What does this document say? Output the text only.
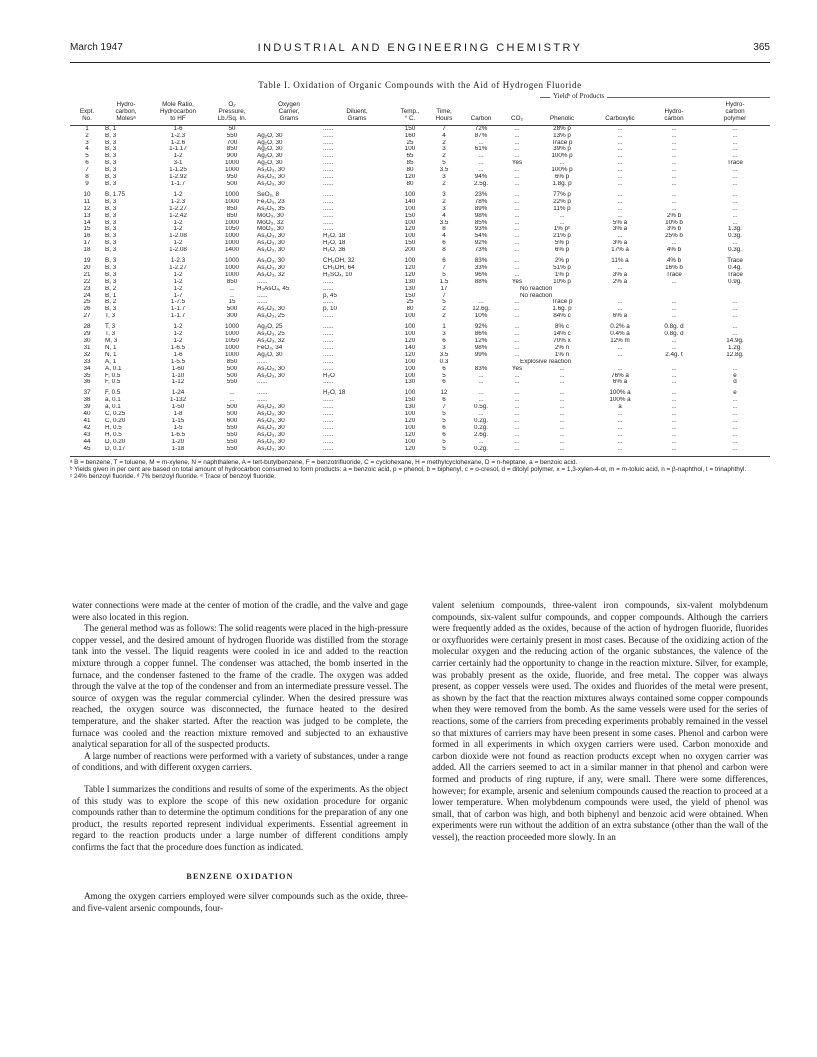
March 1947	INDUSTRIAL AND ENGINEERING CHEMISTRY	365
Table I. Oxidation of Organic Compounds with the Aid of Hydrogen Fluoride
Yieldᵇ of Products
Expt.
No.	Hydro-
carbon,
Molesᵃ	Mole Ratio,
Hydrocarbon
to HF	O₂
Pressure,
Lb./Sq. In.	Oxygen
Carrier,
Grams	Diluent,
Grams	Temp.,
° C.	Time,
Hours	Carbon	CO₂	Phenolic	Carboxylic	Hydro-
carbon	Hydro-
carbon
polymer
1	B, 1	1-6	50		......	150	7	72%	...	28% p	...	...	...
2	B, 3	1-2.3	550	Ag₂O, 30	......	160	4	87%	...	13% p	...	...	...
3	B, 3	1-2.6	700	Ag₂O, 30	......	25	2	...	...	Trace p	...	...	...
4	B, 3	1-1.17	850	Ag₂O, 30	......	100	3	61%	...	39% p	...	...	...
5	B, 3	1-2	900	Ag₂O, 30	......	65	2	...	...	100% p	...	...	...
6	B, 3	3-1	1000	Ag₂O, 30	......	85	5	...	Yes	...	...	...	Trace
7	B, 3	1-1.25	1000	As₂O₃, 30	......	80	3.5	...	...	100% p	...	...	...
8	B, 3	1-2.92	950	As₂O₃, 30	......	120	3	94%	...	6% p	...	...	...
9	B, 3	1-1.7	500	As₂O₃, 30	......	80	2	2.5g.	...	1.8g. p	...	...	...
10	B, 1.75	1-2	1000	SeO₂, 8	......	100	3	23%	...	77% p	...	...	...
11	B, 3	1-2.3	1000	Fe₂O₃, 23	......	140	2	78%	...	22% p	...	...	...
12	B, 3	1-2.27	850	As₂O₅, 35	......	100	3	89%	...	11% p	...	...	...
13	B, 3	1-2.42	850	MoO₃, 30	......	150	4	98%	...	...	...	2% b	...
14	B, 3	1-2	1000	MoO₃, 32	......	100	3.5	85%	...	...	5% a	10% b	...
15	B, 3	1-2	1050	MoO₃, 30	......	120	8	93%	...	1% pᶜ	3% a	3% b	1.3g.
16	B, 3	1-2.08	1000	As₂O₃, 30	H₂O, 18	100	4	54%	...	21% p	...	25% b	0.3g.
17	B, 3	1-2	1000	As₂O₃, 30	H₂O, 18	150	6	92%	...	5% p	3% a	...	...
18	B, 3	1-2.08	1400	As₂O₃, 30	H₂O, 36	200	8	73%	...	6% p	17% a	4% b	0.3g.
19	B, 3	1-2.3	1000	As₂O₃, 30	CH₃OH, 32	100	6	83%	...	2% p	11% a	4% b	Trace
20	B, 3	1-2.27	1000	As₂O₃, 30	CH₃OH, 64	120	7	33%	...	51% p	...	16% b	0.4g.
21	B, 3	1-2	1000	As₂O₃, 32	H₂SO₄, 10	120	5	96%	...	1% p	3% a	Trace	Trace
22	B, 3	1-2	850	......	......	130	1.5	88%	Yes	10% p	2% a	...	0.9g.
23	B, 2	1-2	...	H₃AsO₄, 45	......	130	17	No reaction					
24	B, 1	1-7	...	......	p, 45	150	7	No reaction					
25	B, 2	1-7.5	15	......	......	25	5	...	...	Trace p	...	...	...
26	B, 3	1-1.7	500	As₂O₃, 30	p, 10	80	2	12.6g.	...	1.6g. p	...	...	...
27	T, 3	1-1.7	300	As₂O₃, 25	......	100	2	10%	...	84% c	6% a	...	...
28	T, 3	1-2	1000	Ag₂O, 25	......	100	1	92%	...	8% c	0.2% a	0.8g. d	...
29	T, 3	1-2	1000	As₂O₃, 25	......	100	3	86%	...	14% c	0.4% a	0.8g. d	...
30	M, 3	1-2	1050	As₂O₃, 32	......	120	6	12%	...	70% x	12% m	...	14.9g.
31	N, 1	1-6.5	1000	FeO₃, 34	......	140	3	98%	...	2% n	...	...	1.2g.
32	N, 1	1-6	1000	Ag₂O, 30	......	120	3.5	99%	...	1% n	...	2.4g. t	12.8g.
33	A, 1	1-5.5	850	......	......	100	0.3	Explosive reaction					
34	A, 0.1	1-60	500	As₂O₃, 30	......	100	6	83%	Yes	...	...	...	...
35	F, 0.5	1-10	500	As₂O₃, 30	H₂O	100	5	...	...	...	76% a	...	e
36	F, 0.5	1-12	550	......	......	130	6	...	...	...	6% a	...	d
37	F, 0.5	1-24	...	......	H₂O, 18	100	12	...	...	...	100% a	...	e
38	a, 0.1	1-132	...	......	......	150	6	...	...	...	100% a	...	...
39	a, 0.1	1-50	500	As₂O₃, 30	......	130	7	0.5g.	...	...	a	...	...
40	C, 0.25	1-8	500	As₂O₃, 30	......	100	5	...	...	...	...	...	...
41	C, 0.20	1-15	600	As₂O₃, 30	......	120	5	0.2g.	...	...	...	...	...
42	H, 0.5	1-5	550	As₂O₃, 30	......	100	6	0.2g.	...	...	...	...	...
43	H, 0.5	1-6.5	550	As₂O₃, 30	......	120	6	2.6g.	...	...	...	...	...
44	D, 0.20	1-20	550	As₂O₃, 30	......	100	5	...	...	...	...	...	...
45	D, 0.17	1-18	550	As₂O₃, 30	......	120	5	0.2g.	...	...	...	...	...
ᵃ B = benzene, T = toluene, M = m-xylene, N = naphthalene, A = tert-butylbenzene, F = benzotrifluoride, C = cyclohexane, H = methylcyclohexane, D = n-heptane, a = benzoic acid.
ᵇ Yields given in per cent are based on total amount of hydrocarbon consumed to form products: a = benzoic acid, p = phenol, b = biphenyl, c = o-cresol, d = ditolyl polymer, x = 1,3-xylen-4-ol, m = m-toluic acid, n = β-naphthol, t = trinaphthyl.
ᶜ 24% benzoyl fluoride. ᵈ 7% benzoyl fluoride. ᵉ Trace of benzoyl fluoride.

water connections were made at the center of motion of the cradle, and the valve and gage were also located in this region.

The general method was as follows: The solid reagents were placed in the high-pressure copper vessel, and the desired amount of hydrogen fluoride was distilled from the storage tank into the vessel. The liquid reagents were cooled in ice and added to the reaction mixture through a copper funnel. The condenser was attached, the bomb inserted in the furnace, and the condenser fastened to the frame of the cradle. The oxygen was added through the valve at the top of the condenser and from an intermediate pressure vessel. The source of oxygen was the regular commercial cylinder. When the desired pressure was reached, the oxygen source was disconnected, the furnace heated to the desired temperature, and the shaker started. After the reaction was judged to be complete, the furnace was cooled and the reaction mixture removed and subjected to an exhaustive analytical separation for all of the suspected products.

A large number of reactions were performed with a variety of substances, under a range of conditions, and with different oxygen carriers.

Table I summarizes the conditions and results of some of the experiments. As the object of this study was to explore the scope of this new oxidation procedure for organic compounds rather than to determine the optimum conditions for the preparation of any one product, the results reported represent individual experiments. Essential agreement in regard to the reaction products under a large number of different conditions amply confirms the fact that the procedure does function as indicated.

BENZENE OXIDATION

Among the oxygen carriers employed were silver compounds such as the oxide, three- and five-valent arsenic compounds, four-

valent selenium compounds, three-valent iron compounds, six-valent molybdenum compounds, six-valent sulfur compounds, and copper compounds. Although the carriers were frequently added as the oxides, because of the action of hydrogen fluoride, fluorides or oxyfluorides were certainly present in most cases. Because of the oxidizing action of the molecular oxygen and the reducing action of the organic substances, the valence of the carrier certainly had the opportunity to change in the reaction mixture. Silver, for example, was probably present as the oxide, fluoride, and free metal. The copper was always present, as copper vessels were used. The oxides and fluorides of the metal were present, as shown by the fact that the reaction mixtures always contained some copper compounds when they were removed from the bomb. As the same vessels were used for the series of reactions, some of the carriers from preceding experiments probably remained in the vessel so that mixtures of carriers may have been present in some cases. Phenol and carbon were formed in all experiments in which oxygen carriers were used. Carbon monoxide and carbon dioxide were not found as reaction products except when no oxygen carrier was added. All the carriers seemed to act in a similar manner in that phenol and carbon were formed and products of ring rupture, if any, were small. There were some differences, however; for example, arsenic and selenium compounds caused the reaction to proceed at a lower temperature. When molybdenum compounds were used, the yield of phenol was small, that of carbon was high, and both biphenyl and benzoic acid were obtained. When experiments were run without the addition of an extra substance (other than the wall of the vessel), the reaction proceeded more slowly. In an
